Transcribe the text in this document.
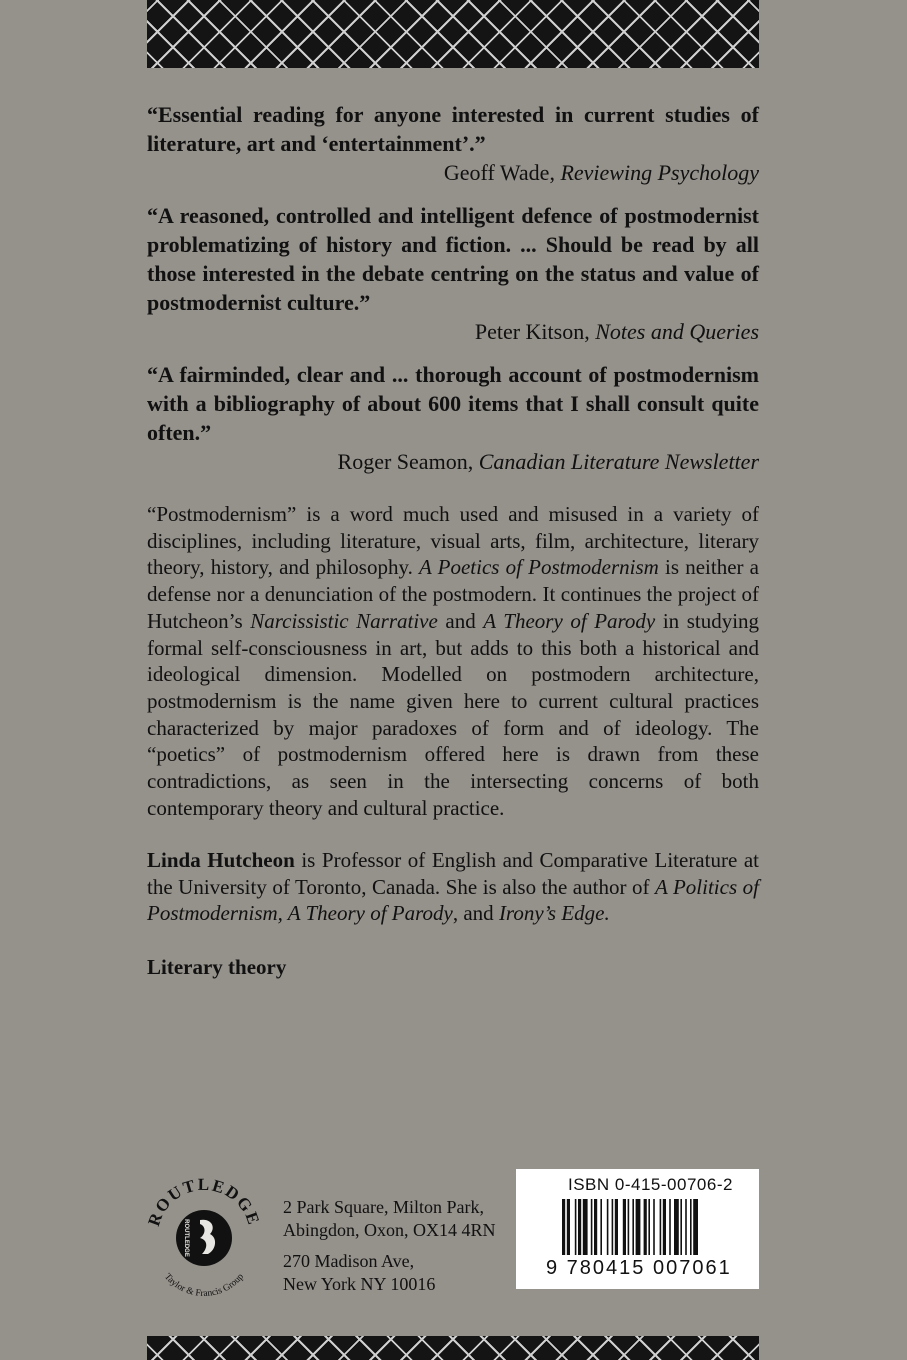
“Essential reading for anyone interested in current studies of literature, art and ‘entertainment’.”

Geoff Wade, Reviewing Psychology

“A reasoned, controlled and intelligent defence of postmodernist problematizing of history and fiction. ... Should be read by all those interested in the debate centring on the status and value of postmodernist culture.”

Peter Kitson, Notes and Queries

“A fairminded, clear and ... thorough account of postmodernism with a bibliography of about 600 items that I shall consult quite often.”

Roger Seamon, Canadian Literature Newsletter

“Postmodernism” is a word much used and misused in a variety of disciplines, including literature, visual arts, film, architecture, literary theory, history, and philosophy. A Poetics of Postmodernism is neither a defense nor a denunciation of the postmodern. It continues the project of Hutcheon’s Narcissistic Narrative and A Theory of Parody in studying formal self-consciousness in art, but adds to this both a historical and ideological dimension. Modelled on postmodern architecture, postmodernism is the name given here to current cultural practices characterized by major paradoxes of form and of ideology. The “poetics” of postmodernism offered here is drawn from these contradictions, as seen in the intersecting concerns of both contemporary theory and cultural practice.

Linda Hutcheon is Professor of English and Comparative Literature at the University of Toronto, Canada. She is also the author of A Politics of Postmodernism, A Theory of Parody, and Irony’s Edge.

Literary theory

ROUTLEDGE
ROUTLEDGE
Taylor & Francis Group
2 Park Square, Milton Park,
Abingdon, Oxon, OX14 4RN
270 Madison Ave,
New York NY 10016
ISBN 0-415-00706-2
9 780415 007061
